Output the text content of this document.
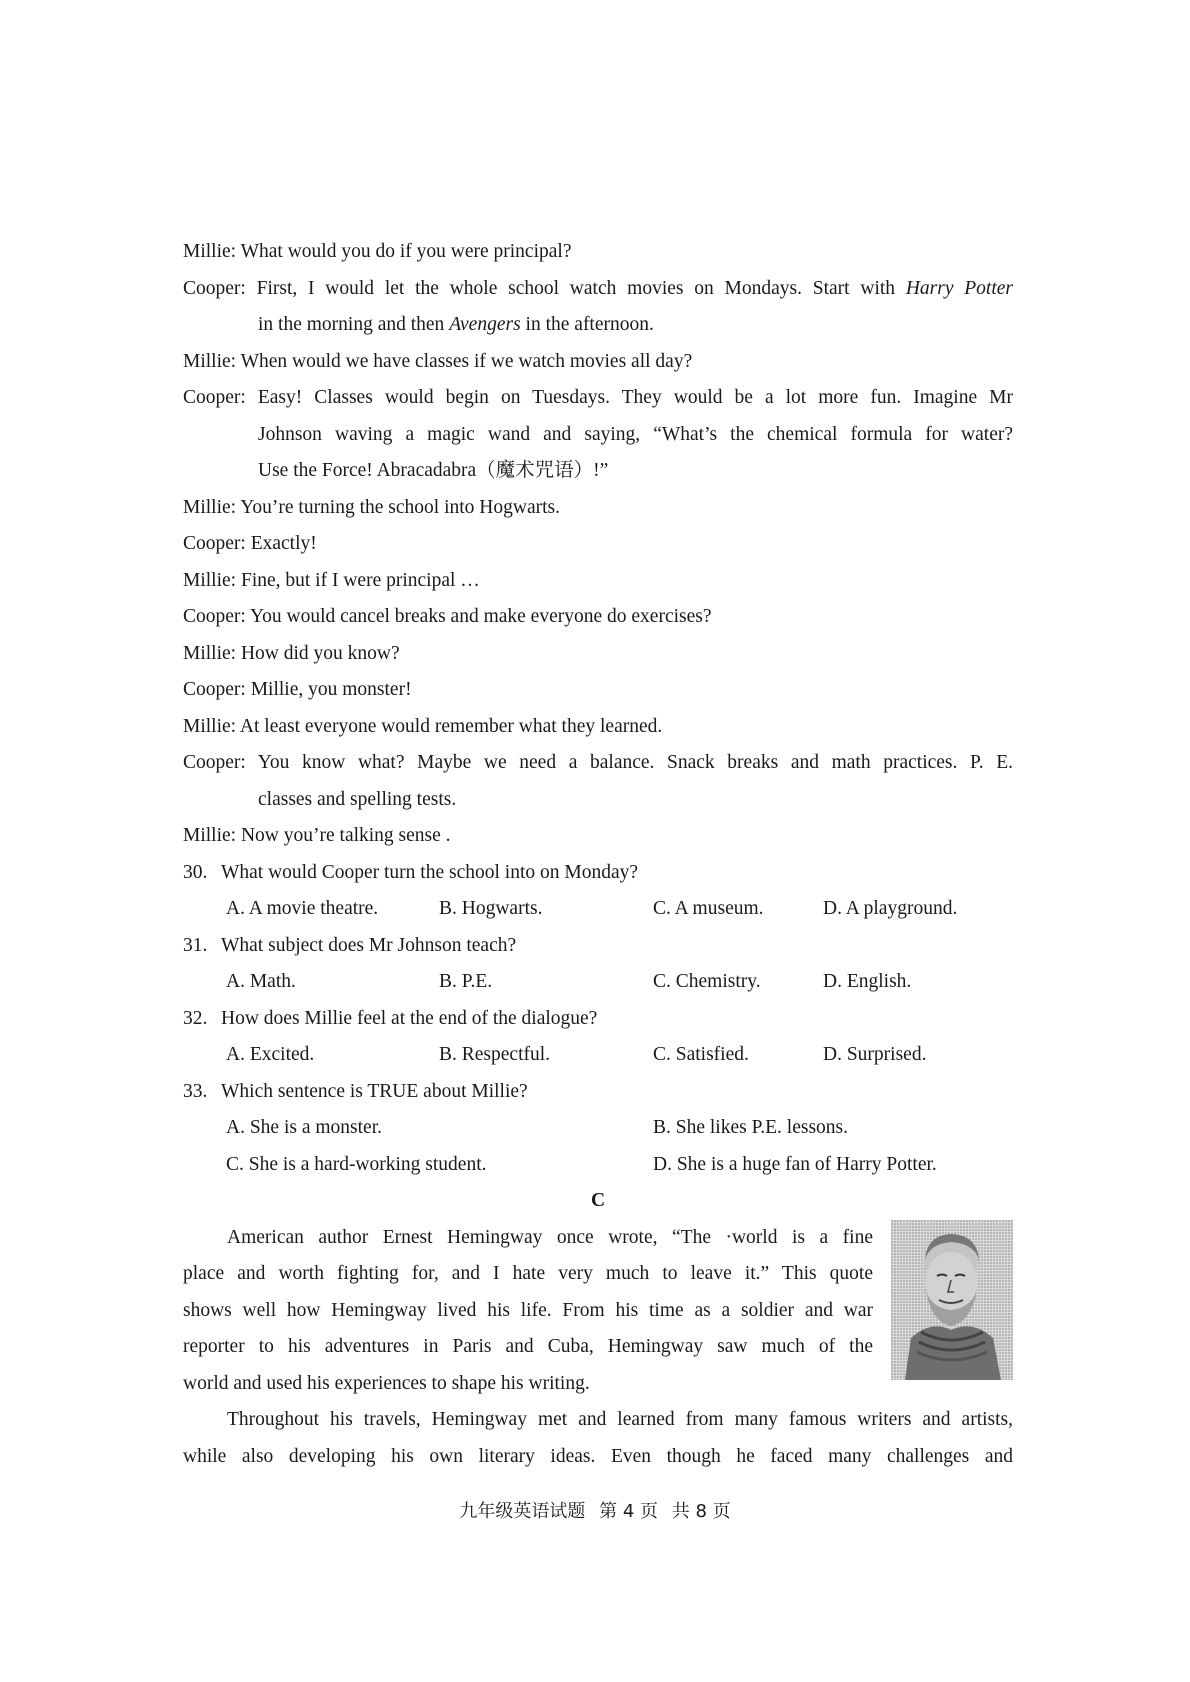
Millie: What would you do if you were principal?
Cooper: First, I would let the whole school watch movies on Mondays. Start with Harry Potter
in the morning and then Avengers in the afternoon.
Millie: When would we have classes if we watch movies all day?
Cooper: Easy! Classes would begin on Tuesdays. They would be a lot more fun. Imagine Mr
Johnson waving a magic wand and saying, “What’s the chemical formula for water?
Use the Force! Abracadabra（魔术咒语）!”
Millie: You’re turning the school into Hogwarts.
Cooper: Exactly!
Millie: Fine, but if I were principal …
Cooper: You would cancel breaks and make everyone do exercises?
Millie: How did you know?
Cooper: Millie, you monster!
Millie: At least everyone would remember what they learned.
Cooper: You know what? Maybe we need a balance. Snack breaks and math practices. P. E.
classes and spelling tests.
Millie: Now you’re talking sense .
30. What would Cooper turn the school into on Monday?
A. A movie theatre.	B. Hogwarts.	C. A museum.	D. A playground.
31. What subject does Mr Johnson teach?
A. Math.	B. P.E.	C. Chemistry.	D. English.
32. How does Millie feel at the end of the dialogue?
A. Excited.	B. Respectful.	C. Satisfied.	D. Surprised.
33. Which sentence is TRUE about Millie?
A. She is a monster.	B. She likes P.E. lessons.
C. She is a hard-working student.	D. She is a huge fan of Harry Potter.
C
American author Ernest Hemingway once wrote, “The ·world is a fine
place and worth fighting for, and I hate very much to leave it.” This quote
shows well how Hemingway lived his life. From his time as a soldier and war
reporter to his adventures in Paris and Cuba, Hemingway saw much of the
world and used his experiences to shape his writing.
Throughout his travels, Hemingway met and learned from many famous writers and artists,
while also developing his own literary ideas. Even though he faced many challenges and
九年级英语试题 第 4 页 共 8 页
